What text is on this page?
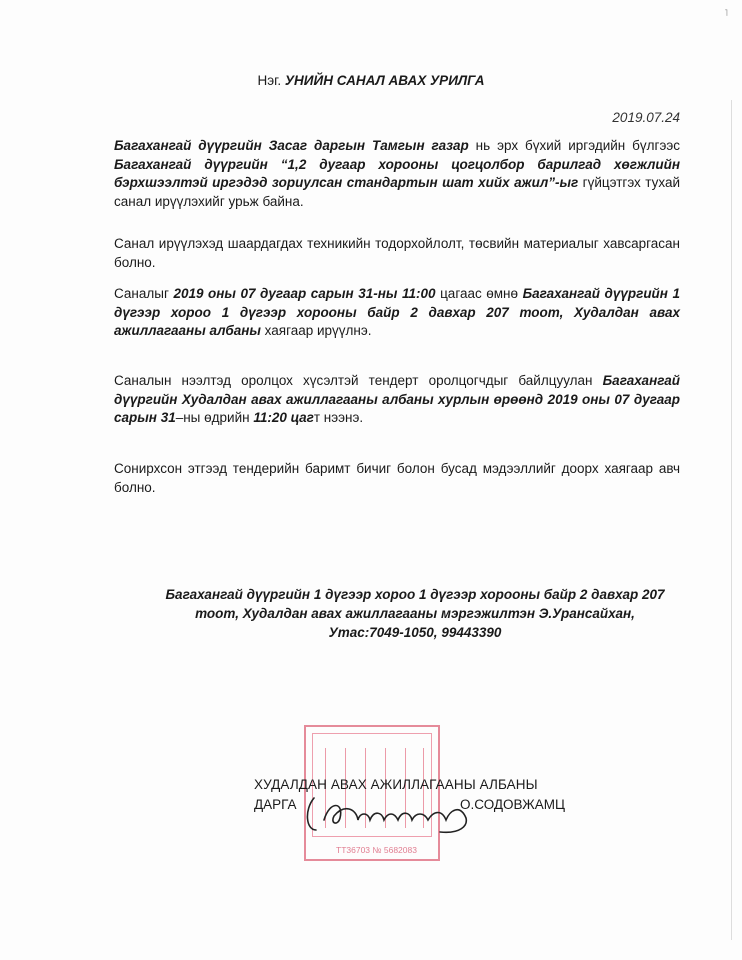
Нэг. УНИЙН САНАЛ АВАХ УРИЛГА
2019.07.24
Багахангай дүүргийн Засаг даргын Тамгын газар нь эрх бүхий иргэдийн бүлгээс Багахангай дүүргийн “1,2 дугаар хорооны цогцолбор барилгад хөгжлийн бэрхшээлтэй иргэдэд зориулсан стандартын шат хийх ажил”-ыг гүйцэтгэх тухай санал ирүүлэхийг урьж байна.
Санал ирүүлэхэд шаардагдах техникийн тодорхойлолт, төсвийн материалыг хавсаргасан болно.
Саналыг 2019 оны 07 дугаар сарын 31-ны 11:00 цагаас өмнө Багахангай дүүргийн 1 дүгээр хороо 1 дүгээр хорооны байр 2 давхар 207 тоот, Худалдан авах ажиллагааны албаны хаягаар ирүүлнэ.
Саналын нээлтэд оролцох хүсэлтэй тендерт оролцогчдыг байлцуулан Багахангай дүүргийн Худалдан авах ажиллагааны албаны хурлын өрөөнд 2019 оны 07 дугаар сарын 31–ны өдрийн 11:20 цагт нээнэ.
Сонирхсон этгээд тендерийн баримт бичиг болон бусад мэдээллийг доорх хаягаар авч болно.
Багахангай дүүргийн 1 дүгээр хороо 1 дүгээр хорооны байр 2 давхар 207
тоот, Худалдан авах ажиллагааны мэргэжилтэн Э.Урансайхан,
Утас:7049-1050, 99443390
ТТ36703 № 5682083
ХУДАЛДАН АВАХ АЖИЛЛАГААНЫ АЛБАНЫ
ДАРГА	О.СОДОВЖАМЦ
˥
